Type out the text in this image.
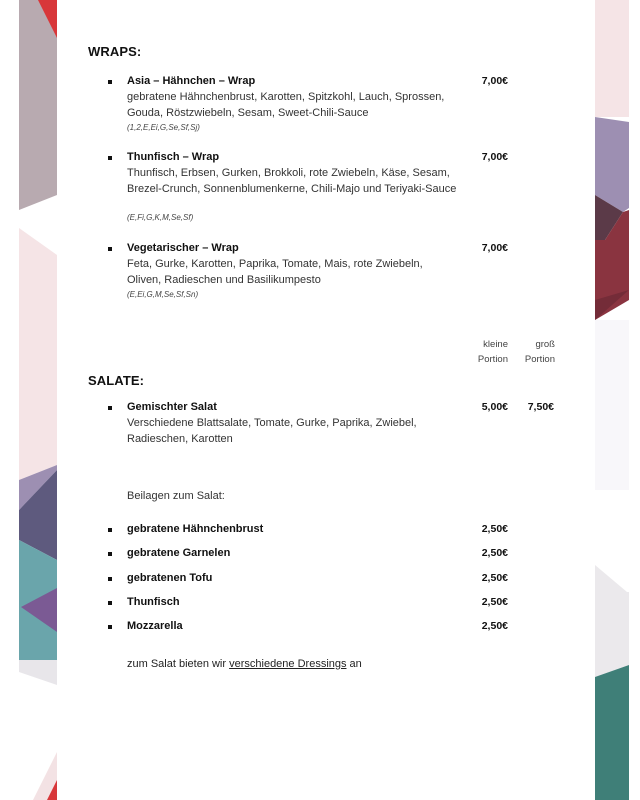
WRAPS:
Asia – Hähnchen – Wrap
gebratene Hähnchenbrust, Karotten, Spitzkohl, Lauch, Sprossen, Gouda, Röstzwiebeln, Sesam, Sweet-Chili-Sauce
(1,2,E,Ei,G,Se,Sf,Sj)
7,00€
Thunfisch – Wrap
Thunfisch, Erbsen, Gurken, Brokkoli, rote Zwiebeln, Käse, Sesam, Brezel-Crunch, Sonnenblumenkerne, Chili-Majo und Teriyaki-Sauce
(E,Fi,G,K,M,Se,Sf)
7,00€
Vegetarischer – Wrap
Feta, Gurke, Karotten, Paprika, Tomate, Mais, rote Zwiebeln, Oliven, Radieschen und Basilikumpesto
(E,Ei,G,M,Se,Sf,Sn)
7,00€
kleine
Portion
groß
Portion
SALATE:
Gemischter Salat
Verschiedene Blattsalate, Tomate, Gurke, Paprika, Zwiebel, Radieschen, Karotten
5,00€	7,50€
Beilagen zum Salat:
gebratene Hähnchenbrust	2,50€
gebratene Garnelen	2,50€
gebratenen Tofu	2,50€
Thunfisch	2,50€
Mozzarella	2,50€
zum Salat bieten wir verschiedene Dressings an
